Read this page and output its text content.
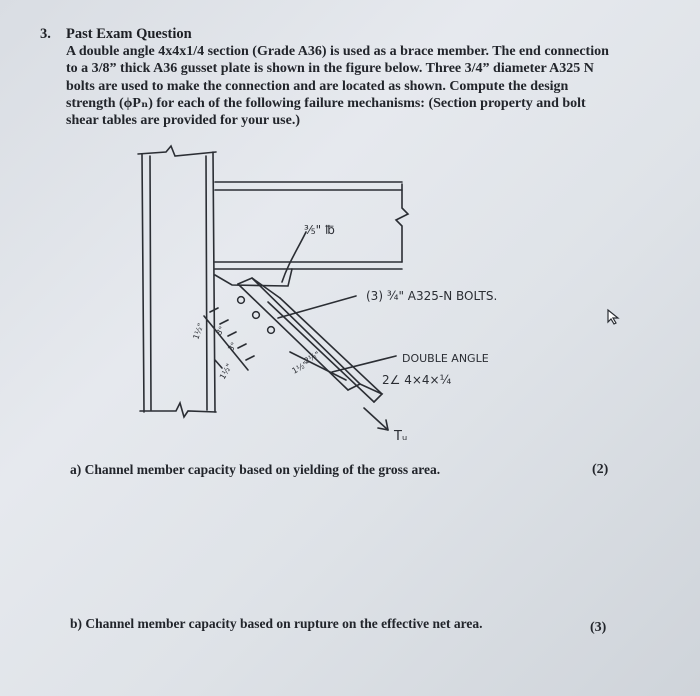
3. Past Exam Question
A double angle 4x4x1/4 section (Grade A36) is used as a brace member. The end connection
to a 3/8” thick A36 gusset plate is shown in the figure below. Three 3/4” diameter A325 N
bolts are used to make the connection and are located as shown. Compute the design
strength (ϕPₙ) for each of the following failure mechanisms: (Section property and bolt
shear tables are provided for your use.)
⅗" ℔
(3) ¾" A325-N BOLTS.
DOUBLE ANGLE
2∠ 4×4×¼
Tᵤ
1½" 3"
3"
1½"
2½"
1½"
a) Channel member capacity based on yielding of the gross area.	(2)
b) Channel member capacity based on rupture on the effective net area.	(3)
